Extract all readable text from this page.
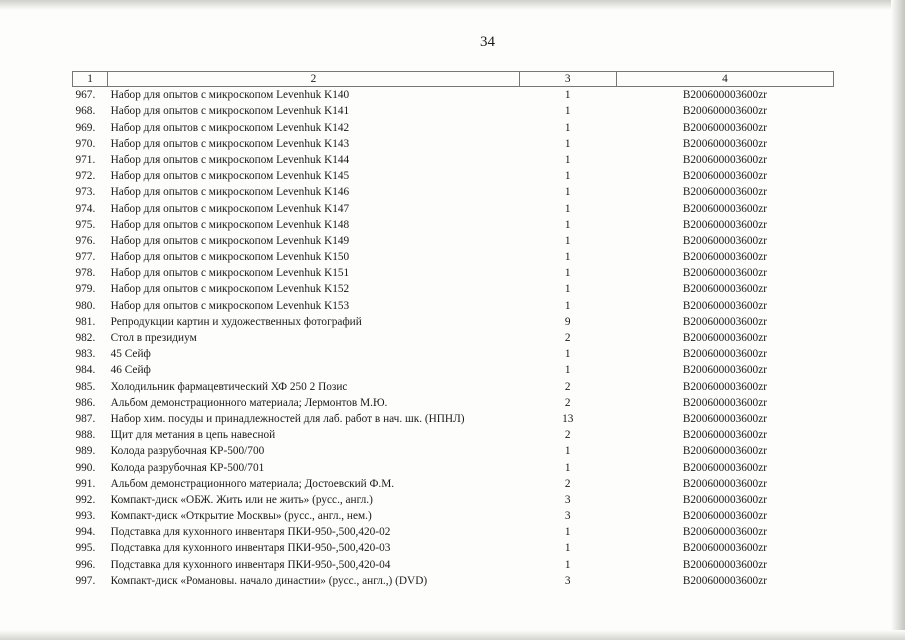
34
1	2	3	4
967.	Набор для опытов с микроскопом Levenhuk K140	1	B200600003600zr
968.	Набор для опытов с микроскопом Levenhuk K141	1	B200600003600zr
969.	Набор для опытов с микроскопом Levenhuk K142	1	B200600003600zr
970.	Набор для опытов с микроскопом Levenhuk K143	1	B200600003600zr
971.	Набор для опытов с микроскопом Levenhuk K144	1	B200600003600zr
972.	Набор для опытов с микроскопом Levenhuk K145	1	B200600003600zr
973.	Набор для опытов с микроскопом Levenhuk K146	1	B200600003600zr
974.	Набор для опытов с микроскопом Levenhuk K147	1	B200600003600zr
975.	Набор для опытов с микроскопом Levenhuk K148	1	B200600003600zr
976.	Набор для опытов с микроскопом Levenhuk K149	1	B200600003600zr
977.	Набор для опытов с микроскопом Levenhuk K150	1	B200600003600zr
978.	Набор для опытов с микроскопом Levenhuk K151	1	B200600003600zr
979.	Набор для опытов с микроскопом Levenhuk K152	1	B200600003600zr
980.	Набор для опытов с микроскопом Levenhuk K153	1	B200600003600zr
981.	Репродукции картин и художественных фотографий	9	B200600003600zr
982.	Стол в президиум	2	B200600003600zr
983.	45 Сейф	1	B200600003600zr
984.	46 Сейф	1	B200600003600zr
985.	Холодильник фармацевтический ХФ 250 2 Позис	2	B200600003600zr
986.	Альбом демонстрационного материала; Лермонтов М.Ю.	2	B200600003600zr
987.	Набор хим. посуды и принадлежностей для лаб. работ в нач. шк. (НПНЛ)	13	B200600003600zr
988.	Щит для метания в цепь навесной	2	B200600003600zr
989.	Колода разрубочная КР-500/700	1	B200600003600zr
990.	Колода разрубочная КР-500/701	1	B200600003600zr
991.	Альбом демонстрационного материала; Достоевский Ф.М.	2	B200600003600zr
992.	Компакт-диск «ОБЖ. Жить или не жить» (русс., англ.)	3	B200600003600zr
993.	Компакт-диск «Открытие Москвы» (русс., англ., нем.)	3	B200600003600zr
994.	Подставка для кухонного инвентаря ПКИ-950-,500,420-02	1	B200600003600zr
995.	Подставка для кухонного инвентаря ПКИ-950-,500,420-03	1	B200600003600zr
996.	Подставка для кухонного инвентаря ПКИ-950-,500,420-04	1	B200600003600zr
997.	Компакт-диск «Романовы. начало династии» (русс., англ.,) (DVD)	3	B200600003600zr
